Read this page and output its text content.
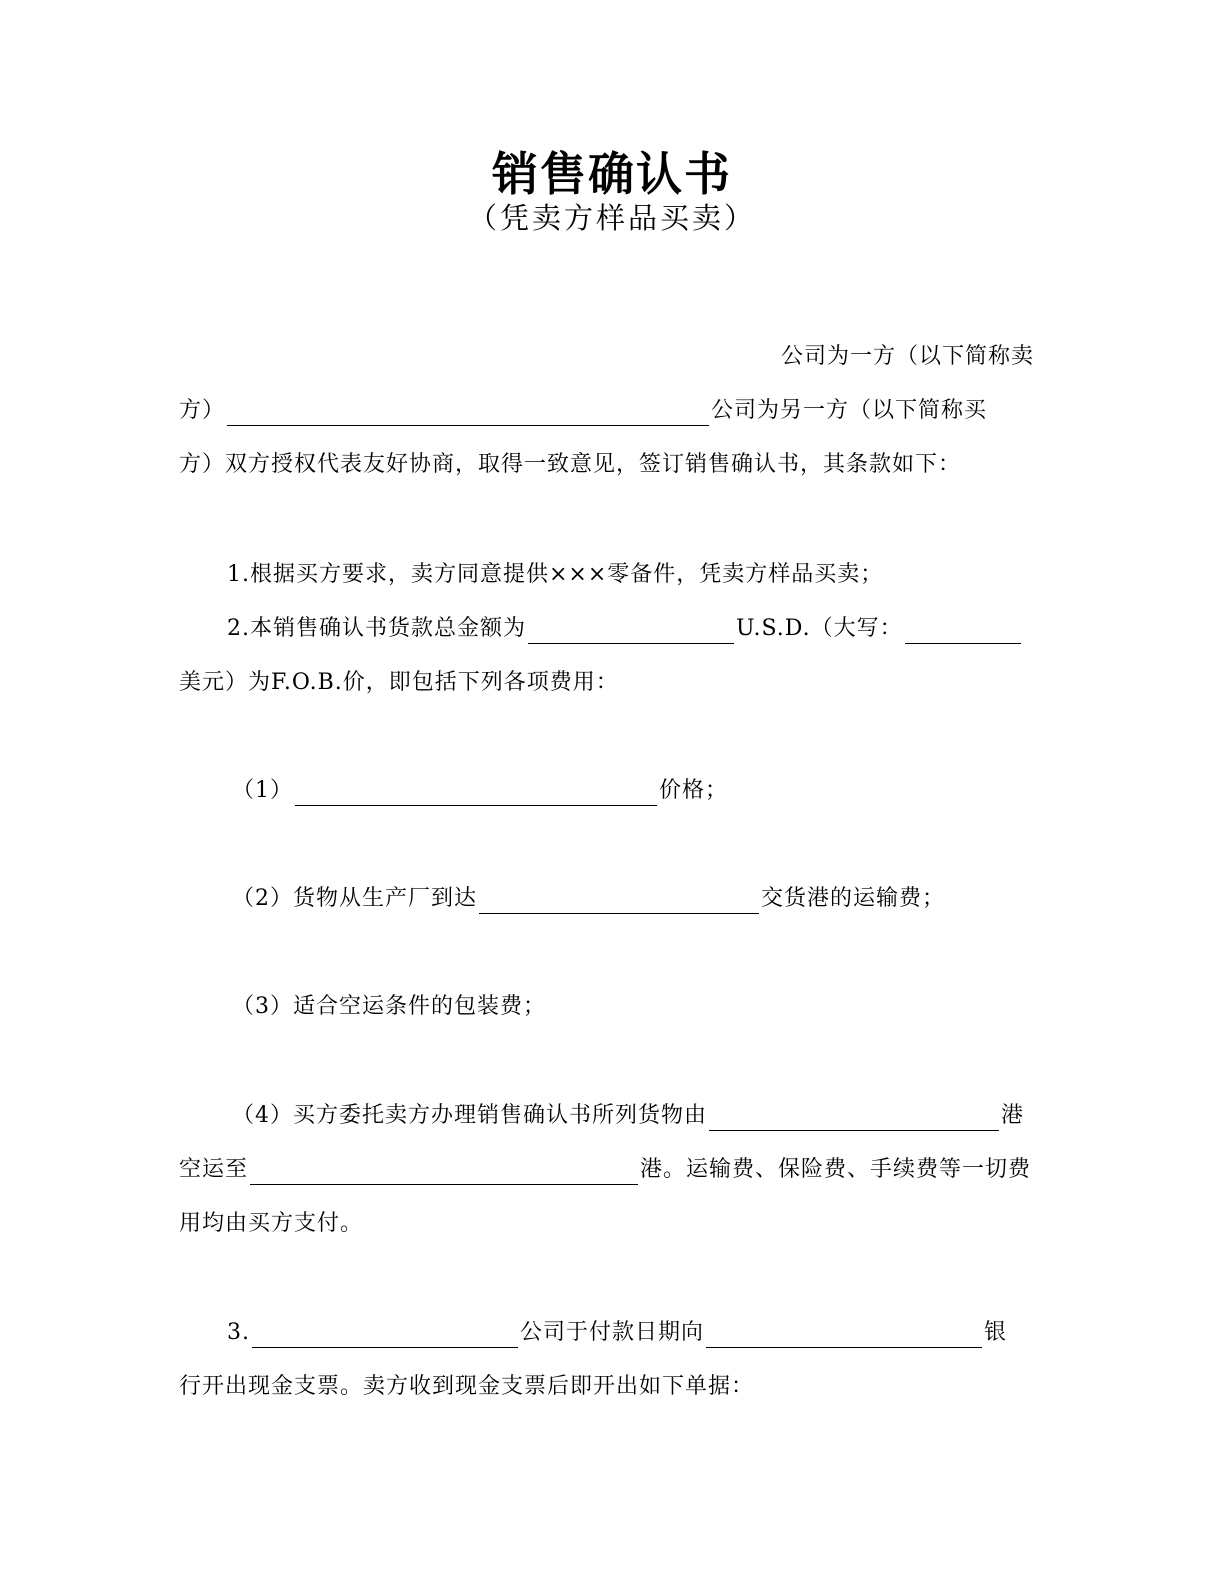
销售确认书
（凭卖方样品买卖）
公司为一方（以下简称卖
方）	公司为另一方（以下简称买
方）双方授权代表友好协商，取得一致意见，签订销售确认书，其条款如下：
1.根据买方要求，卖方同意提供×××零备件，凭卖方样品买卖；
2.本销售确认书货款总金额为	U.S.D.（大写：
美元）为F.O.B.价，即包括下列各项费用：
（1）	价格；
（2）货物从生产厂到达	交货港的运输费；
（3）适合空运条件的包装费；
（4）买方委托卖方办理销售确认书所列货物由	港
空运至	港。运输费、保险费、手续费等一切费
用均由买方支付。
3.	公司于付款日期向	银
行开出现金支票。卖方收到现金支票后即开出如下单据：
